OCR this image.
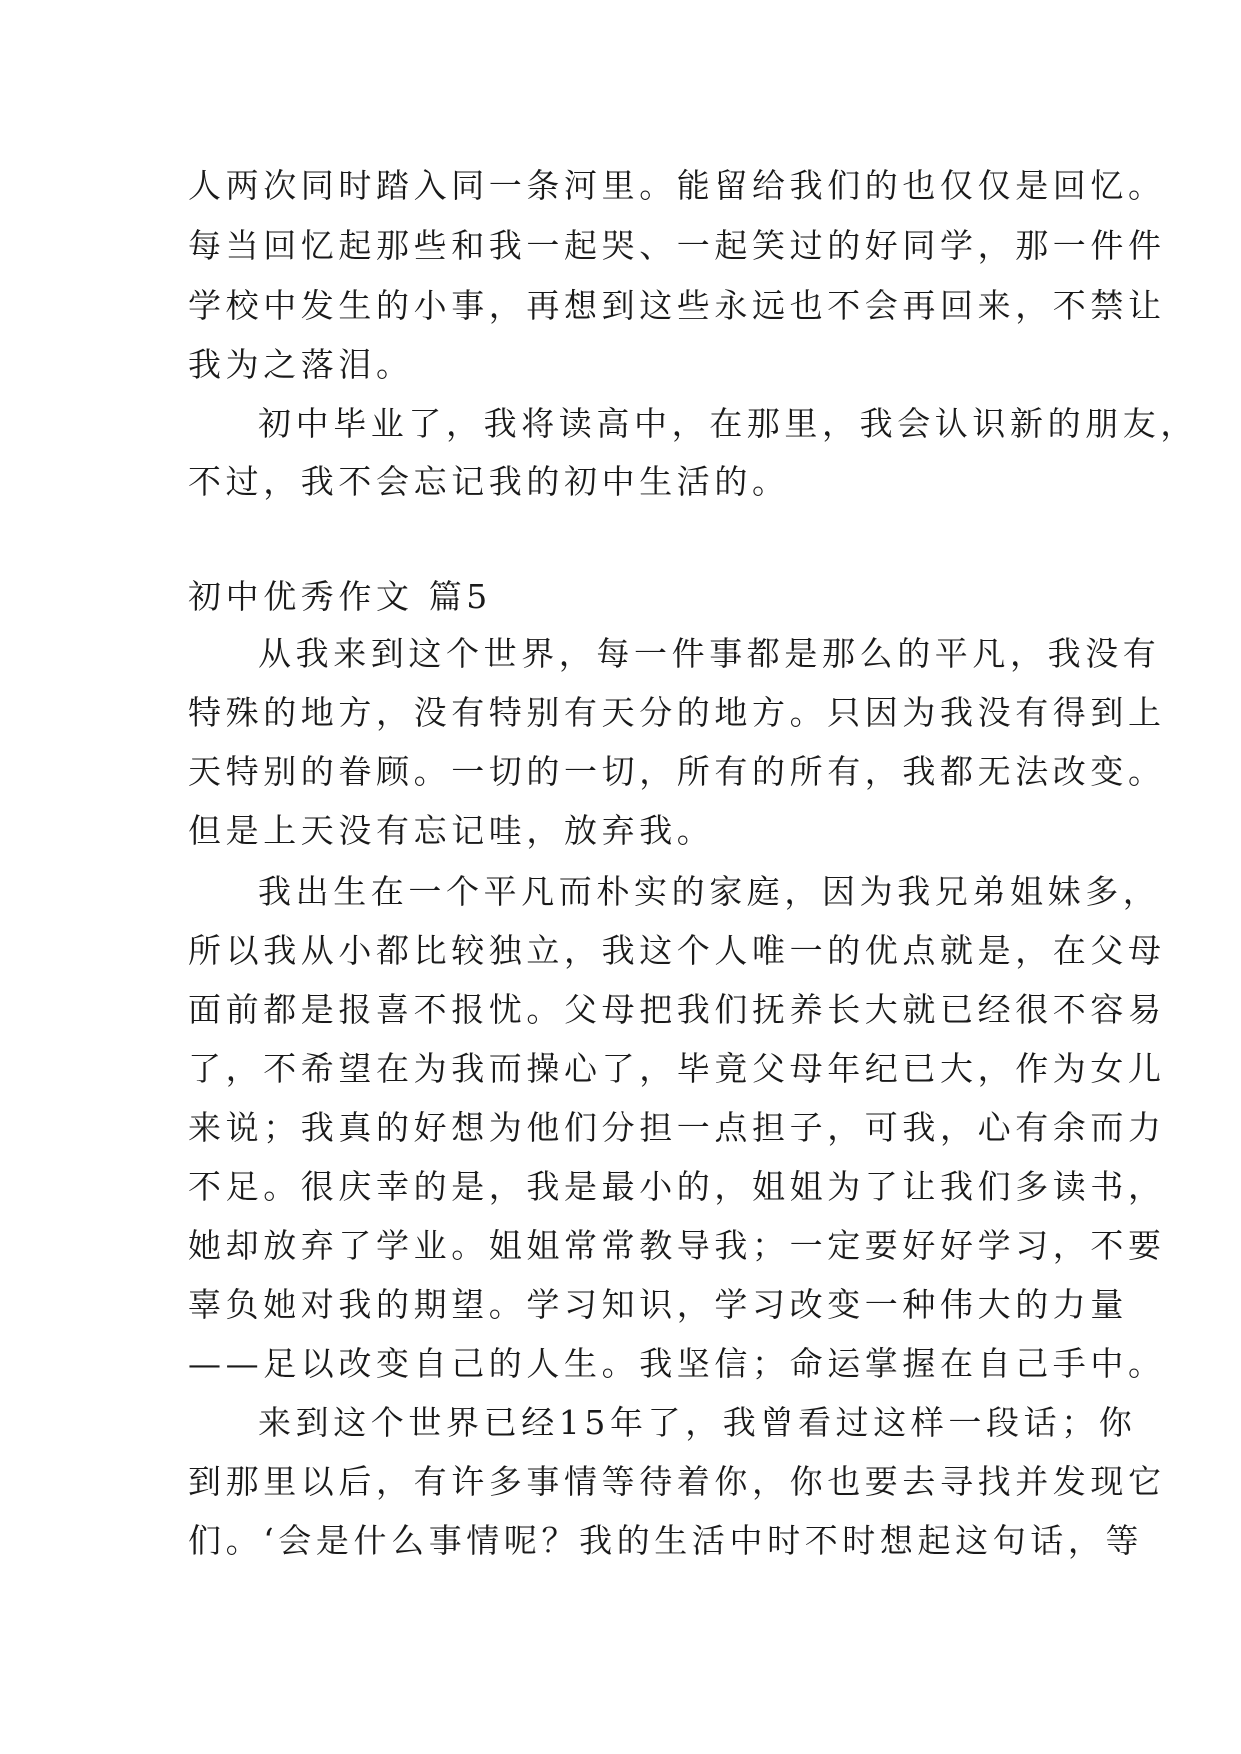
人两次同时踏入同一条河里。能留给我们的也仅仅是回忆。
每当回忆起那些和我一起哭、一起笑过的好同学，那一件件
学校中发生的小事，再想到这些永远也不会再回来，不禁让
我为之落泪。
初中毕业了，我将读高中，在那里，我会认识新的朋友，
不过，我不会忘记我的初中生活的。
初中优秀作文 篇5
从我来到这个世界，每一件事都是那么的平凡，我没有
特殊的地方，没有特别有天分的地方。只因为我没有得到上
天特别的眷顾。一切的一切，所有的所有，我都无法改变。
但是上天没有忘记哇，放弃我。
我出生在一个平凡而朴实的家庭，因为我兄弟姐妹多，
所以我从小都比较独立，我这个人唯一的优点就是，在父母
面前都是报喜不报忧。父母把我们抚养长大就已经很不容易
了，不希望在为我而操心了，毕竟父母年纪已大，作为女儿
来说；我真的好想为他们分担一点担子，可我，心有余而力
不足。很庆幸的是，我是最小的，姐姐为了让我们多读书，
她却放弃了学业。姐姐常常教导我；一定要好好学习，不要
辜负她对我的期望。学习知识，学习改变一种伟大的力量
——足以改变自己的人生。我坚信；命运掌握在自己手中。
来到这个世界已经15年了，我曾看过这样一段话；你
到那里以后，有许多事情等待着你，你也要去寻找并发现它
们。‘会是什么事情呢？我的生活中时不时想起这句话，等
